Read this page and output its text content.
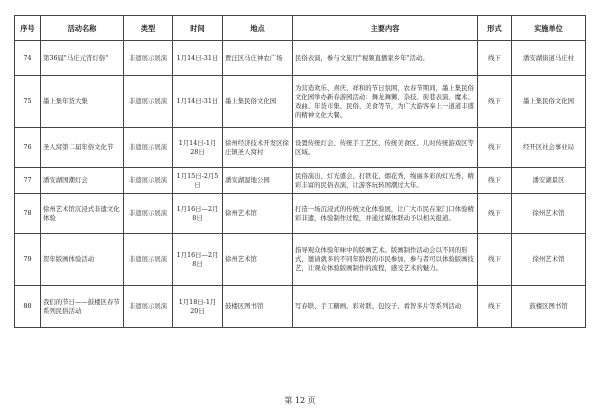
序号	活动名称	类型	时间	地点	主要内容	形式	实施单位
74	第36届"马庄元宵灯俗"	非遗展示展演	1月14日-31日	贾汪区马庄神农广场	民俗表演，参与文旅厅"视频直播家乡年"活动。	线下	潘安湖街道马庄村
75	墨上集年货大集	非遗展示展演	1月14日-31日	墨上集民俗文化园	为营造欢乐、喜庆、祥和的节日氛围，农春节期间，墨上集民俗文化园举办新春游园活动：舞龙舞狮、杂技、街巷表演、魔术、戏曲、年货市集、民俗、美食等节，为广大游客奉上一道道丰盛的精神文化大餐。	线下	墨上集民俗文化园
76	圣人窝第二届年俗文化节	非遗展示展演	1月14日-1月28日	徐州经济技术开发区徐庄镇圣人窝村	设置传统灯会、传统手工艺区、传统美食区、儿时传统游戏区等区域。	线下	经开区社会事业局
77	潘安湖国潮灯会	非遗展示展演	1月15日-2月5日	潘安湖湿地公园	民俗演出、灯光盛会、打铁花、烟花秀，绚丽多彩的灯光秀，精彩丰富的民俗表演，让游客玩转国潮过大年。	线下	潘安湖景区
78	徐州艺术馆沉浸式非遗文化体验	非遗展示展演	1月16日—2月8日	徐州艺术馆	打造一场沉浸式的传统文化体验展，让广大市民在家门口体验精彩非遗，体验制作过程，并通过媒体联动予以相关报道。	线下	徐州艺术馆
79	贺年版画体验活动	非遗展示展演	1月16日—2月8日	徐州艺术馆	指导观众体验年味中的版画艺术。版画制作活动会以不同的形式，邀请就多的不同年龄段的市民参加，参与者可以体验版画技艺，让观众体验版画制作的流程，感受艺术的魅力。	线下	徐州艺术馆
80	我们的节日——鼓楼区春节系列民俗活动	非遗展示展演	1月18日-1月20日	鼓楼区图书馆	写春联、手工糖画、彩对联、包饺子、看智多片等系列活动	线下	鼓楼区图书馆
第 12 页
